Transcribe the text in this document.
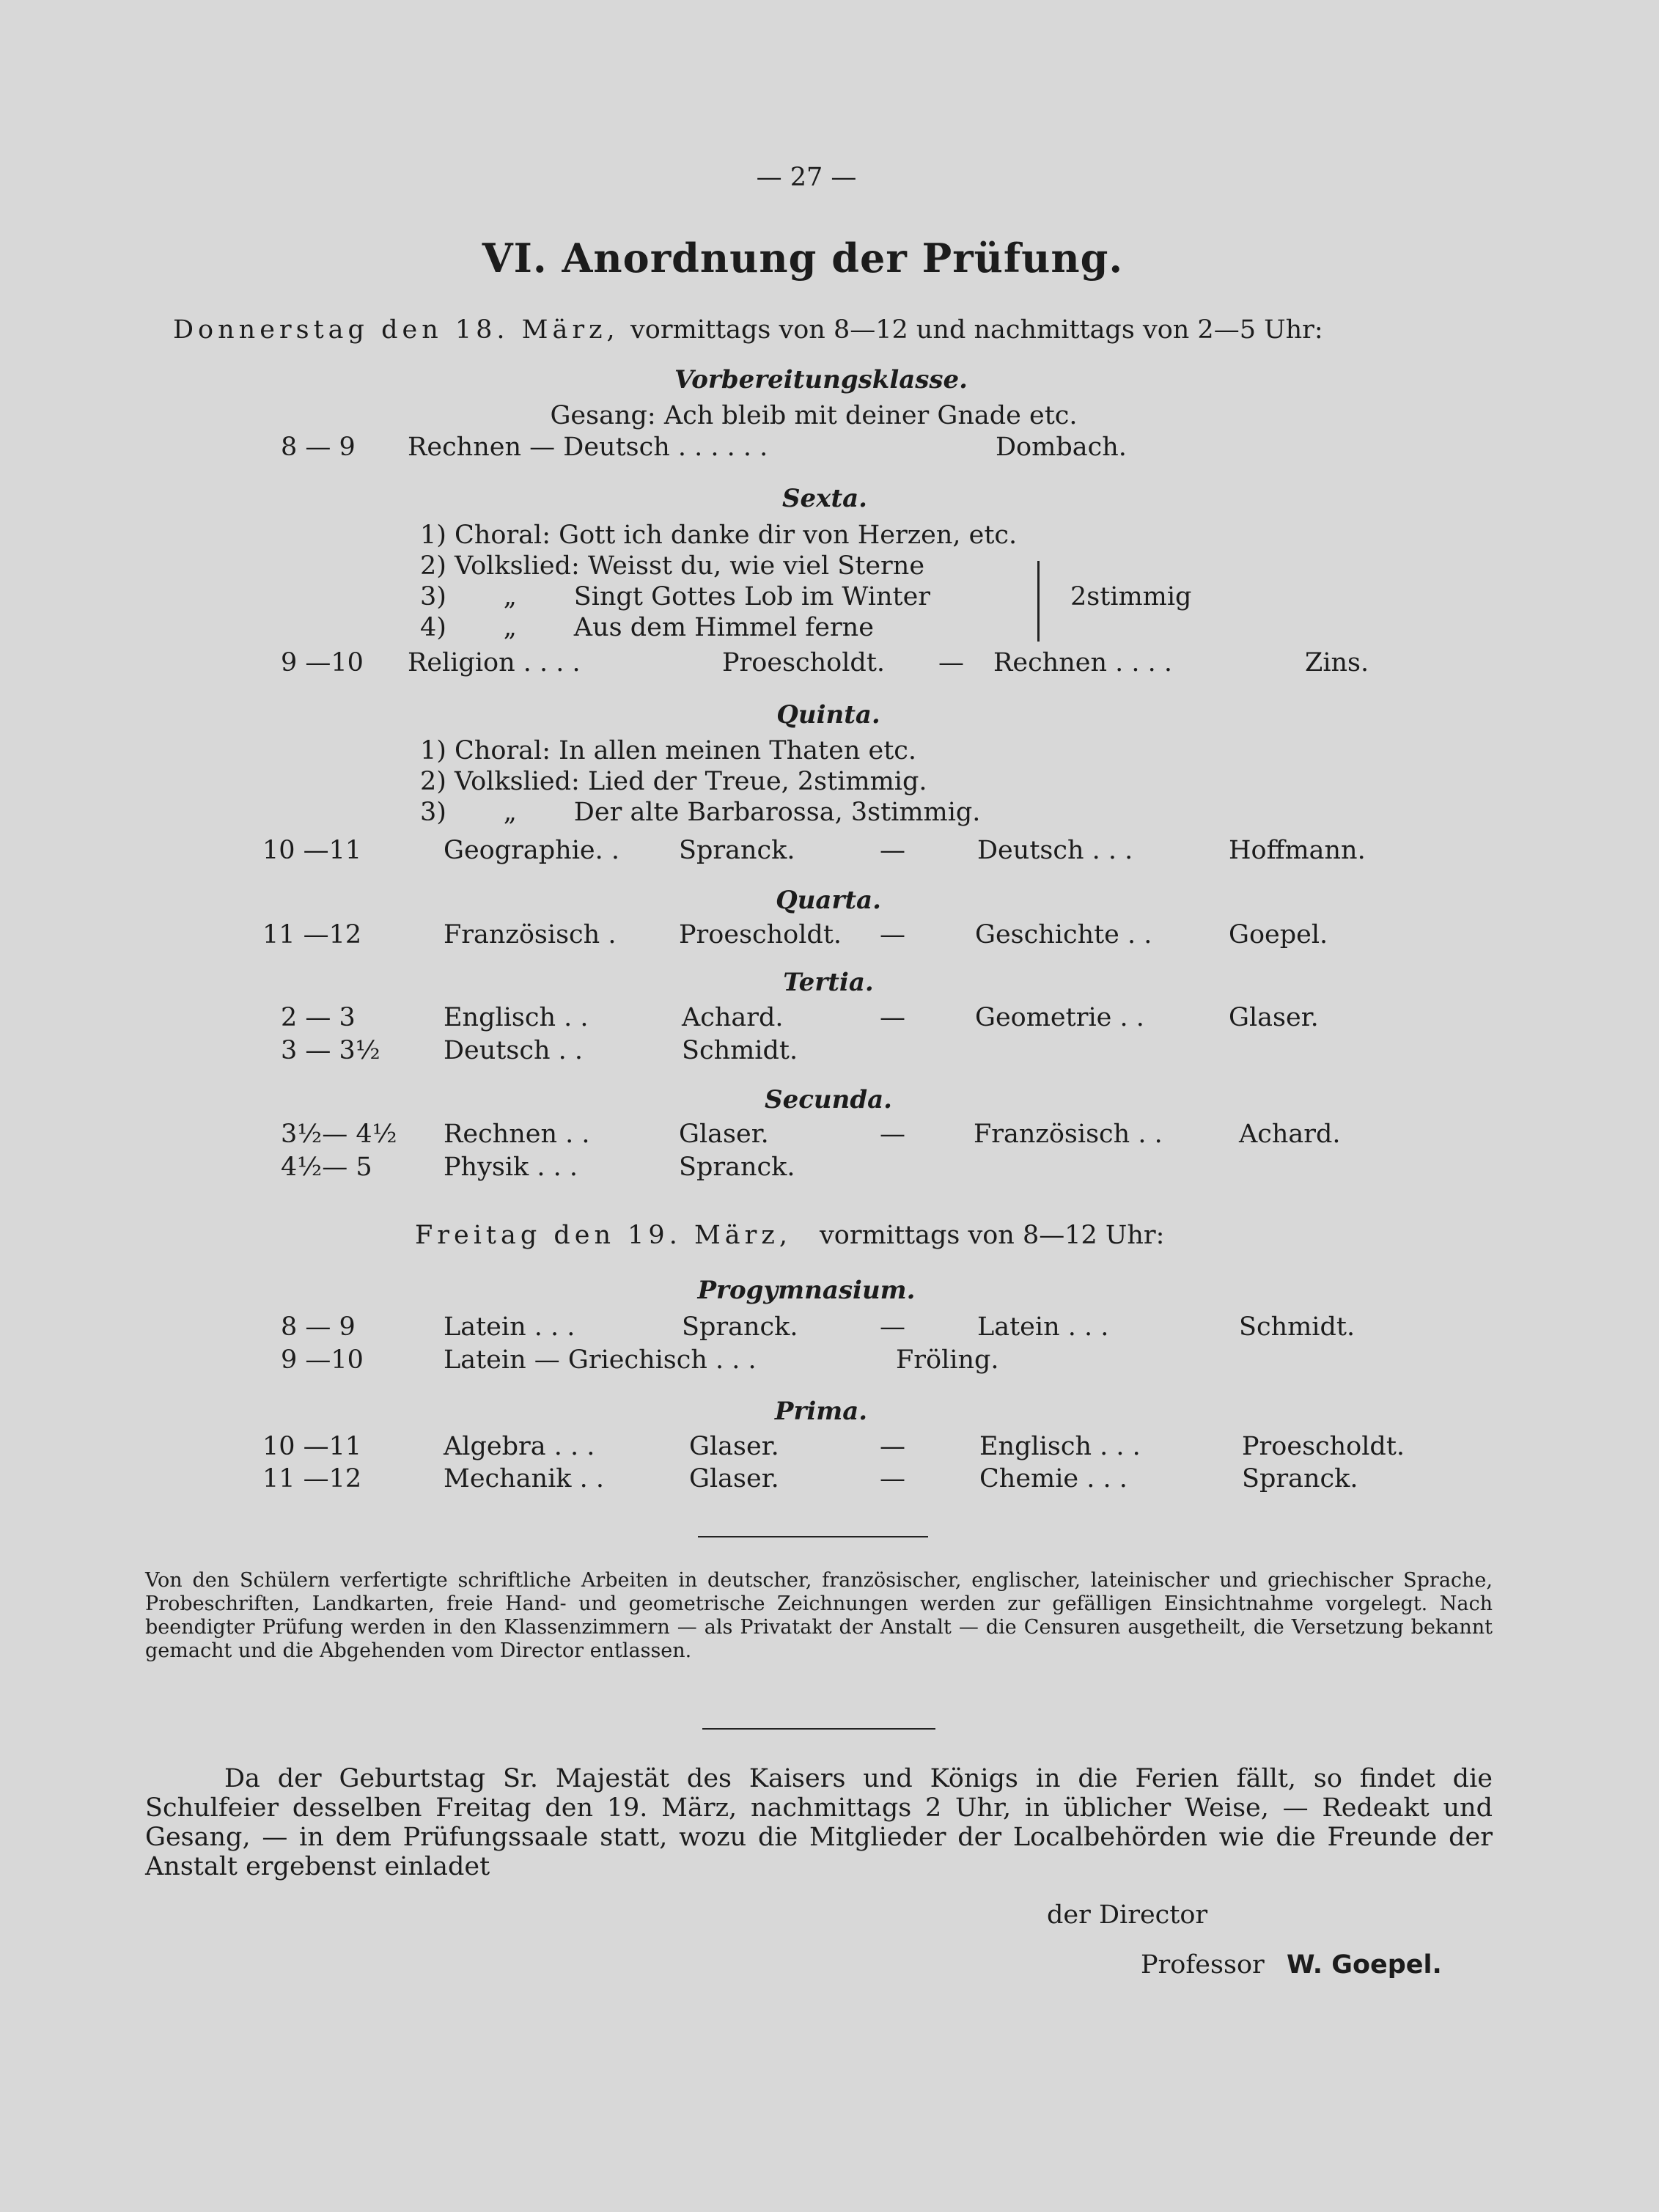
— 27 —
VI. Anordnung der Prüfung.
Donnerstag den 18. März, vormittags von 8—12 und nachmittags von 2—5 Uhr:
Vorbereitungsklasse.
Gesang: Ach bleib mit deiner Gnade etc.
8 — 9 Rechnen — Deutsch . . . . . .	Dombach.
Sexta.
1) Choral: Gott ich danke dir von Herzen, etc.
2) Volkslied: Weisst du, wie viel Sterne
3)       „       Singt Gottes Lob im Winter
4)       „       Aus dem Himmel ferne
2stimmig
9 —10 Religion . . . .	Proescholdt. — Rechnen . . . .	Zins.
Quinta.
1) Choral: In allen meinen Thaten etc.
2) Volkslied: Lied der Treue, 2stimmig.
3)       „       Der alte Barbarossa, 3stimmig.
10 —11	Geographie. . Spranck.	—	Deutsch . . .	Hoffmann.
Quarta.
11 —12	Französisch . Proescholdt. —	Geschichte . .	Goepel.
Tertia.
2 — 3	Englisch . .	Achard.	—	Geometrie . .	Glaser.
3 — 3½ Deutsch . .	Schmidt.
Secunda.
3½— 4½ Rechnen . .	Glaser.	—	Französisch . .	Achard.
4½— 5	Physik . . .	Spranck.
Freitag den 19. März, vormittags von 8—12 Uhr:
Progymnasium.
8 — 9	Latein . . .	Spranck.	—	Latein . . .	Schmidt.
9 —10	Latein — Griechisch . . .	Fröling.
Prima.
10 —11	Algebra . . .	Glaser.	—	Englisch . . .	Proescholdt.
11 —12	Mechanik . .	Glaser.	—	Chemie . . .	Spranck.

Von den Schülern verfertigte schriftliche Arbeiten in deutscher, französischer, englischer, lateinischer und griechischer Sprache, Probeschriften, Landkarten, freie Hand- und geometrische Zeichnungen werden zur gefälligen Einsichtnahme vorgelegt. Nach beendigter Prüfung werden in den Klassenzimmern — als Privatakt der Anstalt — die Censuren ausgetheilt, die Versetzung bekannt gemacht und die Abgehenden vom Director entlassen.

Da der Geburtstag Sr. Majestät des Kaisers und Königs in die Ferien fällt, so findet die Schulfeier desselben Freitag den 19. März, nachmittags 2 Uhr, in üblicher Weise, — Redeakt und Gesang, — in dem Prüfungssaale statt, wozu die Mitglieder der Localbehörden wie die Freunde der Anstalt ergebenst einladet

der Director
Professor W. Goepel.
